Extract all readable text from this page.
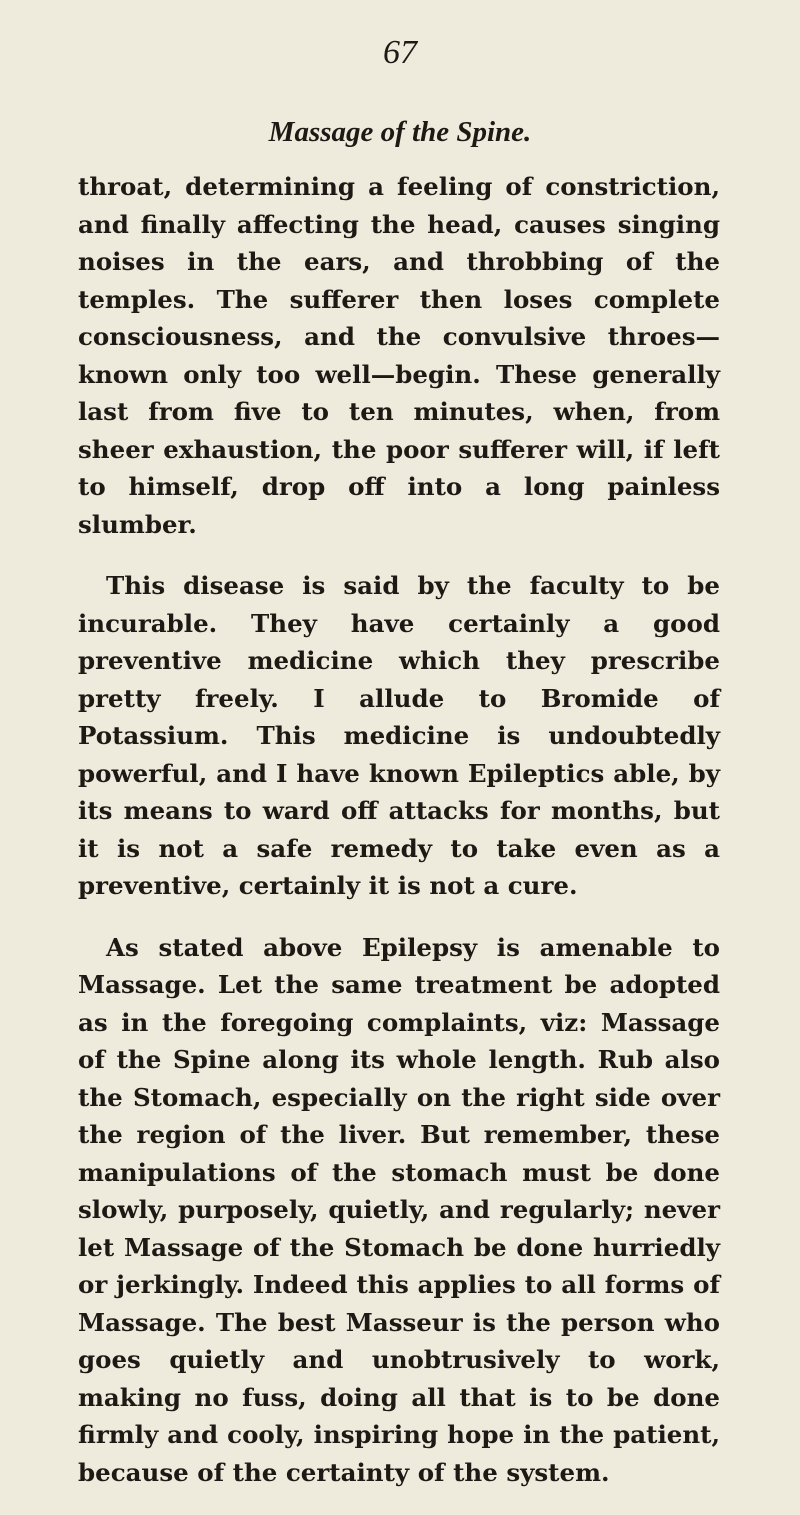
67
Massage of the Spine.

throat, determining a feeling of constriction, and finally affecting the head, causes singing noises in the ears, and throbbing of the temples. The sufferer then loses complete consciousness, and the convulsive throes—known only too well—begin. These generally last from five to ten minutes, when, from sheer exhaustion, the poor sufferer will, if left to himself, drop off into a long painless slumber.

This disease is said by the faculty to be incurable. They have certainly a good preventive medicine which they prescribe pretty freely. I allude to Bromide of Potassium. This medicine is undoubtedly powerful, and I have known Epileptics able, by its means to ward off attacks for months, but it is not a safe remedy to take even as a preventive, certainly it is not a cure.

As stated above Epilepsy is amenable to Massage. Let the same treatment be adopted as in the foregoing complaints, viz: Massage of the Spine along its whole length. Rub also the Stomach, especially on the right side over the region of the liver. But remember, these manipulations of the stomach must be done slowly, purposely, quietly, and regularly; never let Massage of the Stomach be done hurriedly or jerkingly. Indeed this applies to all forms of Massage. The best Masseur is the person who goes quietly and unobtrusively to work, making no fuss, doing all that is to be done firmly and cooly, inspiring hope in the patient, because of the certainty of the system.
